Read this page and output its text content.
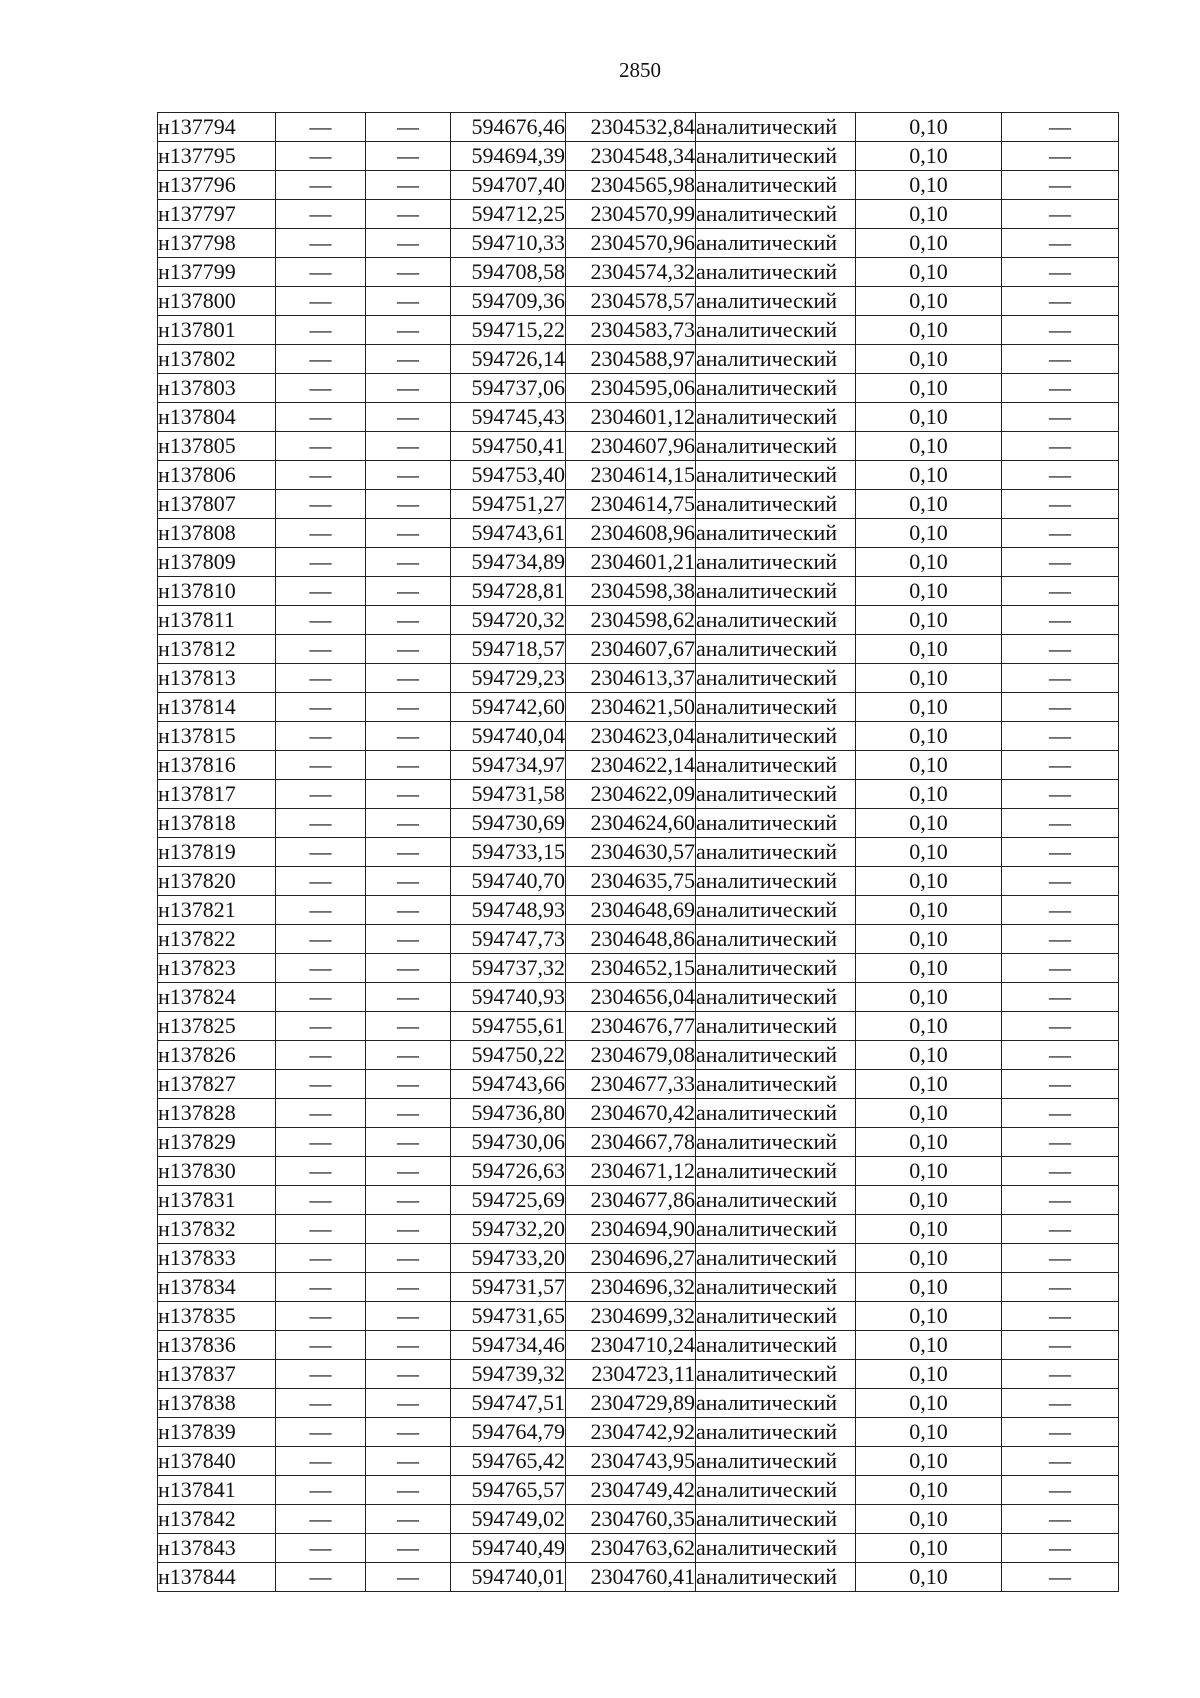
2850
н137794	—	—	594676,46	2304532,84	аналитический	0,10	—
н137795	—	—	594694,39	2304548,34	аналитический	0,10	—
н137796	—	—	594707,40	2304565,98	аналитический	0,10	—
н137797	—	—	594712,25	2304570,99	аналитический	0,10	—
н137798	—	—	594710,33	2304570,96	аналитический	0,10	—
н137799	—	—	594708,58	2304574,32	аналитический	0,10	—
н137800	—	—	594709,36	2304578,57	аналитический	0,10	—
н137801	—	—	594715,22	2304583,73	аналитический	0,10	—
н137802	—	—	594726,14	2304588,97	аналитический	0,10	—
н137803	—	—	594737,06	2304595,06	аналитический	0,10	—
н137804	—	—	594745,43	2304601,12	аналитический	0,10	—
н137805	—	—	594750,41	2304607,96	аналитический	0,10	—
н137806	—	—	594753,40	2304614,15	аналитический	0,10	—
н137807	—	—	594751,27	2304614,75	аналитический	0,10	—
н137808	—	—	594743,61	2304608,96	аналитический	0,10	—
н137809	—	—	594734,89	2304601,21	аналитический	0,10	—
н137810	—	—	594728,81	2304598,38	аналитический	0,10	—
н137811	—	—	594720,32	2304598,62	аналитический	0,10	—
н137812	—	—	594718,57	2304607,67	аналитический	0,10	—
н137813	—	—	594729,23	2304613,37	аналитический	0,10	—
н137814	—	—	594742,60	2304621,50	аналитический	0,10	—
н137815	—	—	594740,04	2304623,04	аналитический	0,10	—
н137816	—	—	594734,97	2304622,14	аналитический	0,10	—
н137817	—	—	594731,58	2304622,09	аналитический	0,10	—
н137818	—	—	594730,69	2304624,60	аналитический	0,10	—
н137819	—	—	594733,15	2304630,57	аналитический	0,10	—
н137820	—	—	594740,70	2304635,75	аналитический	0,10	—
н137821	—	—	594748,93	2304648,69	аналитический	0,10	—
н137822	—	—	594747,73	2304648,86	аналитический	0,10	—
н137823	—	—	594737,32	2304652,15	аналитический	0,10	—
н137824	—	—	594740,93	2304656,04	аналитический	0,10	—
н137825	—	—	594755,61	2304676,77	аналитический	0,10	—
н137826	—	—	594750,22	2304679,08	аналитический	0,10	—
н137827	—	—	594743,66	2304677,33	аналитический	0,10	—
н137828	—	—	594736,80	2304670,42	аналитический	0,10	—
н137829	—	—	594730,06	2304667,78	аналитический	0,10	—
н137830	—	—	594726,63	2304671,12	аналитический	0,10	—
н137831	—	—	594725,69	2304677,86	аналитический	0,10	—
н137832	—	—	594732,20	2304694,90	аналитический	0,10	—
н137833	—	—	594733,20	2304696,27	аналитический	0,10	—
н137834	—	—	594731,57	2304696,32	аналитический	0,10	—
н137835	—	—	594731,65	2304699,32	аналитический	0,10	—
н137836	—	—	594734,46	2304710,24	аналитический	0,10	—
н137837	—	—	594739,32	2304723,11	аналитический	0,10	—
н137838	—	—	594747,51	2304729,89	аналитический	0,10	—
н137839	—	—	594764,79	2304742,92	аналитический	0,10	—
н137840	—	—	594765,42	2304743,95	аналитический	0,10	—
н137841	—	—	594765,57	2304749,42	аналитический	0,10	—
н137842	—	—	594749,02	2304760,35	аналитический	0,10	—
н137843	—	—	594740,49	2304763,62	аналитический	0,10	—
н137844	—	—	594740,01	2304760,41	аналитический	0,10	—
